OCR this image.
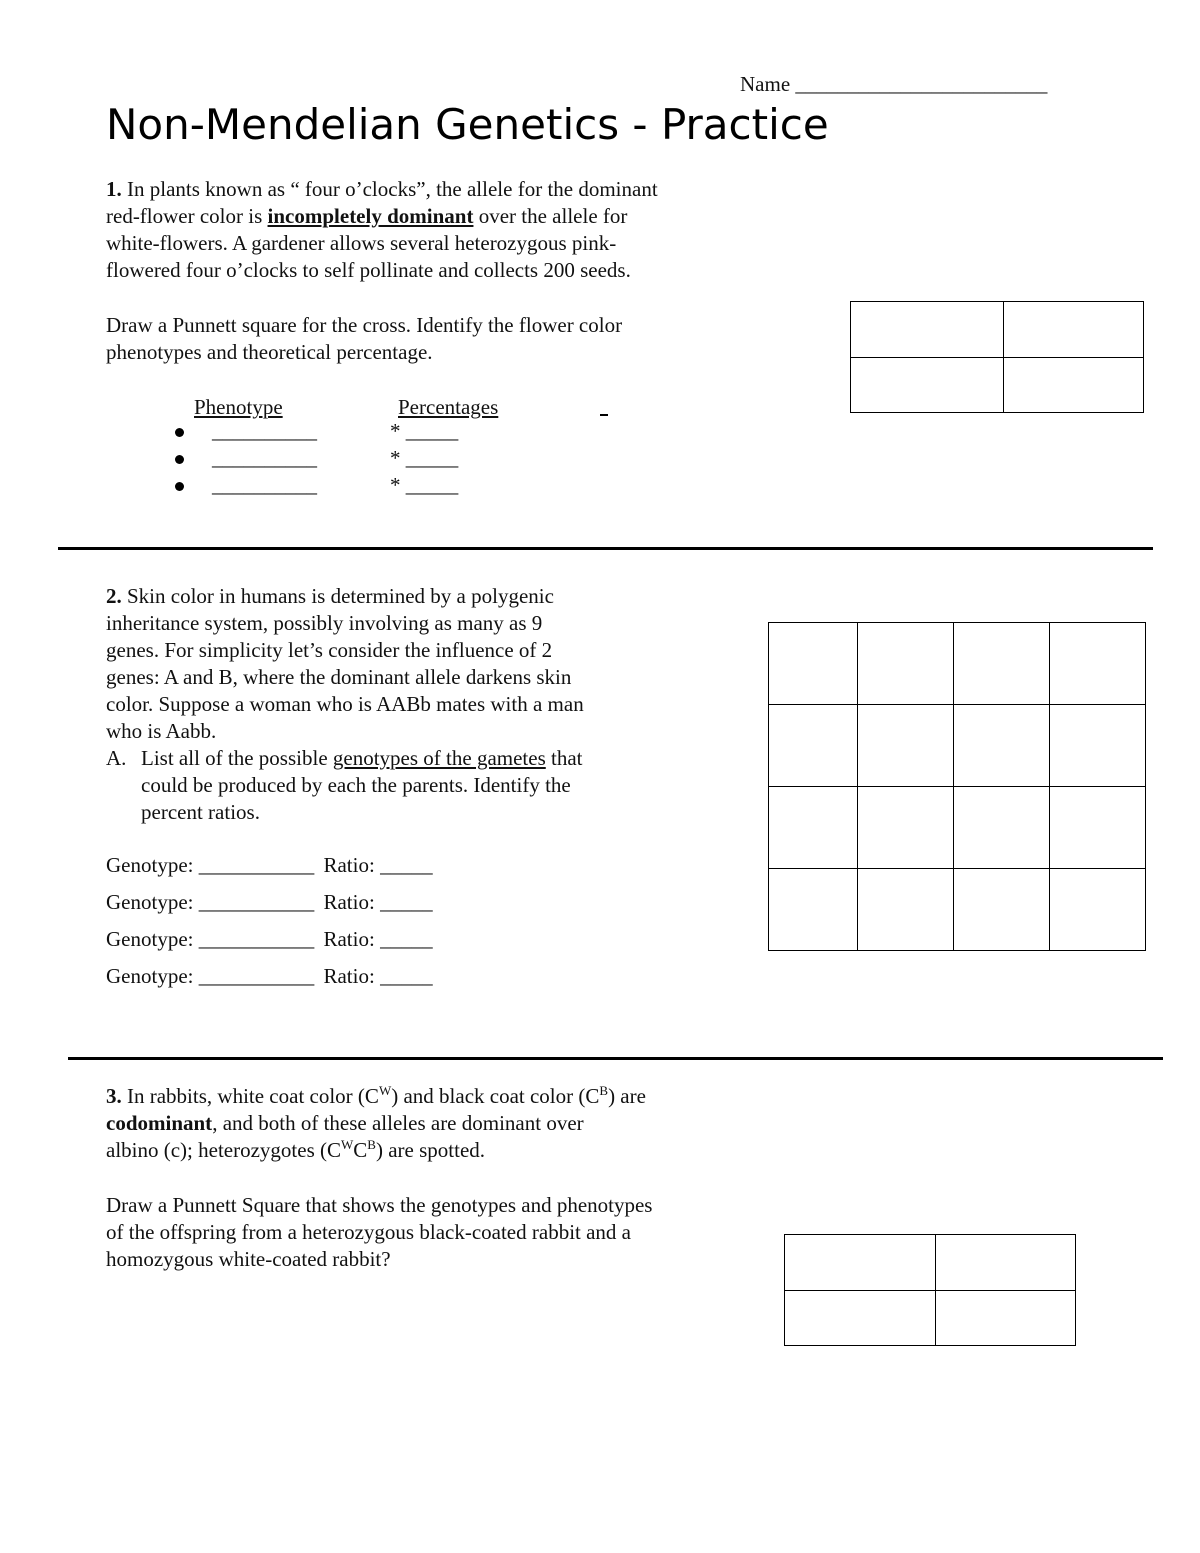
Name ________________________
Non-Mendelian Genetics - Practice
1. In plants known as “ four o’clocks”, the allele for the dominant
red-flower color is incompletely dominant over the allele for
white-flowers. A gardener allows several heterozygous pink-
flowered four o’clocks to self pollinate and collects 200 seeds.
Draw a Punnett square for the cross. Identify the flower color
phenotypes and theoretical percentage.
Phenotype	Percentages
__________	* _____
__________	* _____
__________	* _____

2. Skin color in humans is determined by a polygenic
inheritance system, possibly involving as many as 9
genes. For simplicity let’s consider the influence of 2
genes: A and B, where the dominant allele darkens skin
color. Suppose a woman who is AABb mates with a man
who is Aabb.
A. List all of the possible genotypes of the gametes that
could be produced by each the parents. Identify the
percent ratios.
Genotype: ___________ Ratio: _____
Genotype: ___________ Ratio: _____
Genotype: ___________ Ratio: _____
Genotype: ___________ Ratio: _____

3. In rabbits, white coat color $(C^W)$ and black coat color $(C^B)$ are
codominant, and both of these alleles are dominant over
albino (c); heterozygotes $(C^WC^B)$ are spotted.
Draw a Punnett Square that shows the genotypes and phenotypes
of the offspring from a heterozygous black-coated rabbit and a
homozygous white-coated rabbit?
